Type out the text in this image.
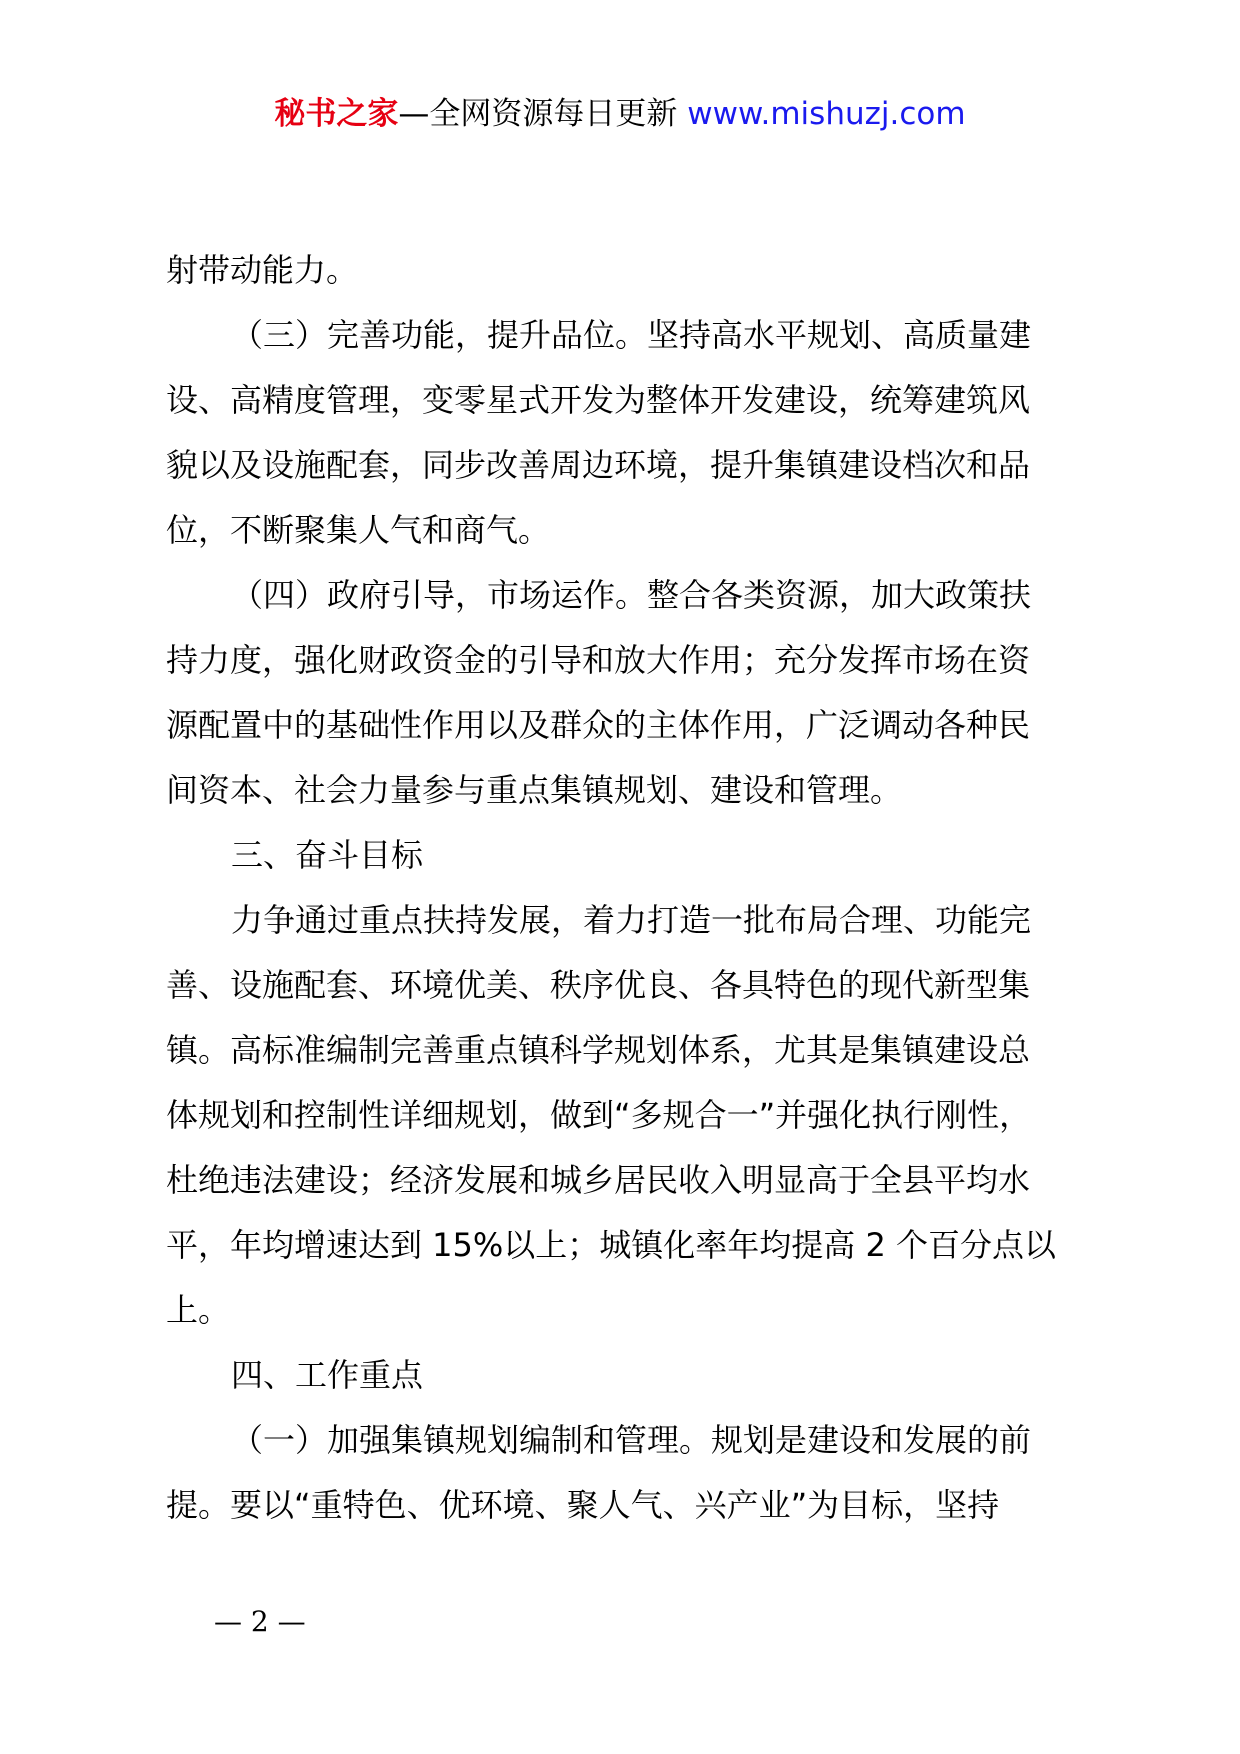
秘书之家—全网资源每日更新 www.mishuzj.com
射带动能力。
（三）完善功能，提升品位。坚持高水平规划、高质量建
设、高精度管理，变零星式开发为整体开发建设，统筹建筑风
貌以及设施配套，同步改善周边环境，提升集镇建设档次和品
位，不断聚集人气和商气。
（四）政府引导，市场运作。整合各类资源，加大政策扶
持力度，强化财政资金的引导和放大作用；充分发挥市场在资
源配置中的基础性作用以及群众的主体作用，广泛调动各种民
间资本、社会力量参与重点集镇规划、建设和管理。
三、奋斗目标
力争通过重点扶持发展，着力打造一批布局合理、功能完
善、设施配套、环境优美、秩序优良、各具特色的现代新型集
镇。高标准编制完善重点镇科学规划体系，尤其是集镇建设总
体规划和控制性详细规划，做到“多规合一”并强化执行刚性，
杜绝违法建设；经济发展和城乡居民收入明显高于全县平均水
平，年均增速达到 15%以上；城镇化率年均提高 2 个百分点以
上。
四、工作重点
（一）加强集镇规划编制和管理。规划是建设和发展的前
提。要以“重特色、优环境、聚人气、兴产业”为目标，坚持
— 2 —
